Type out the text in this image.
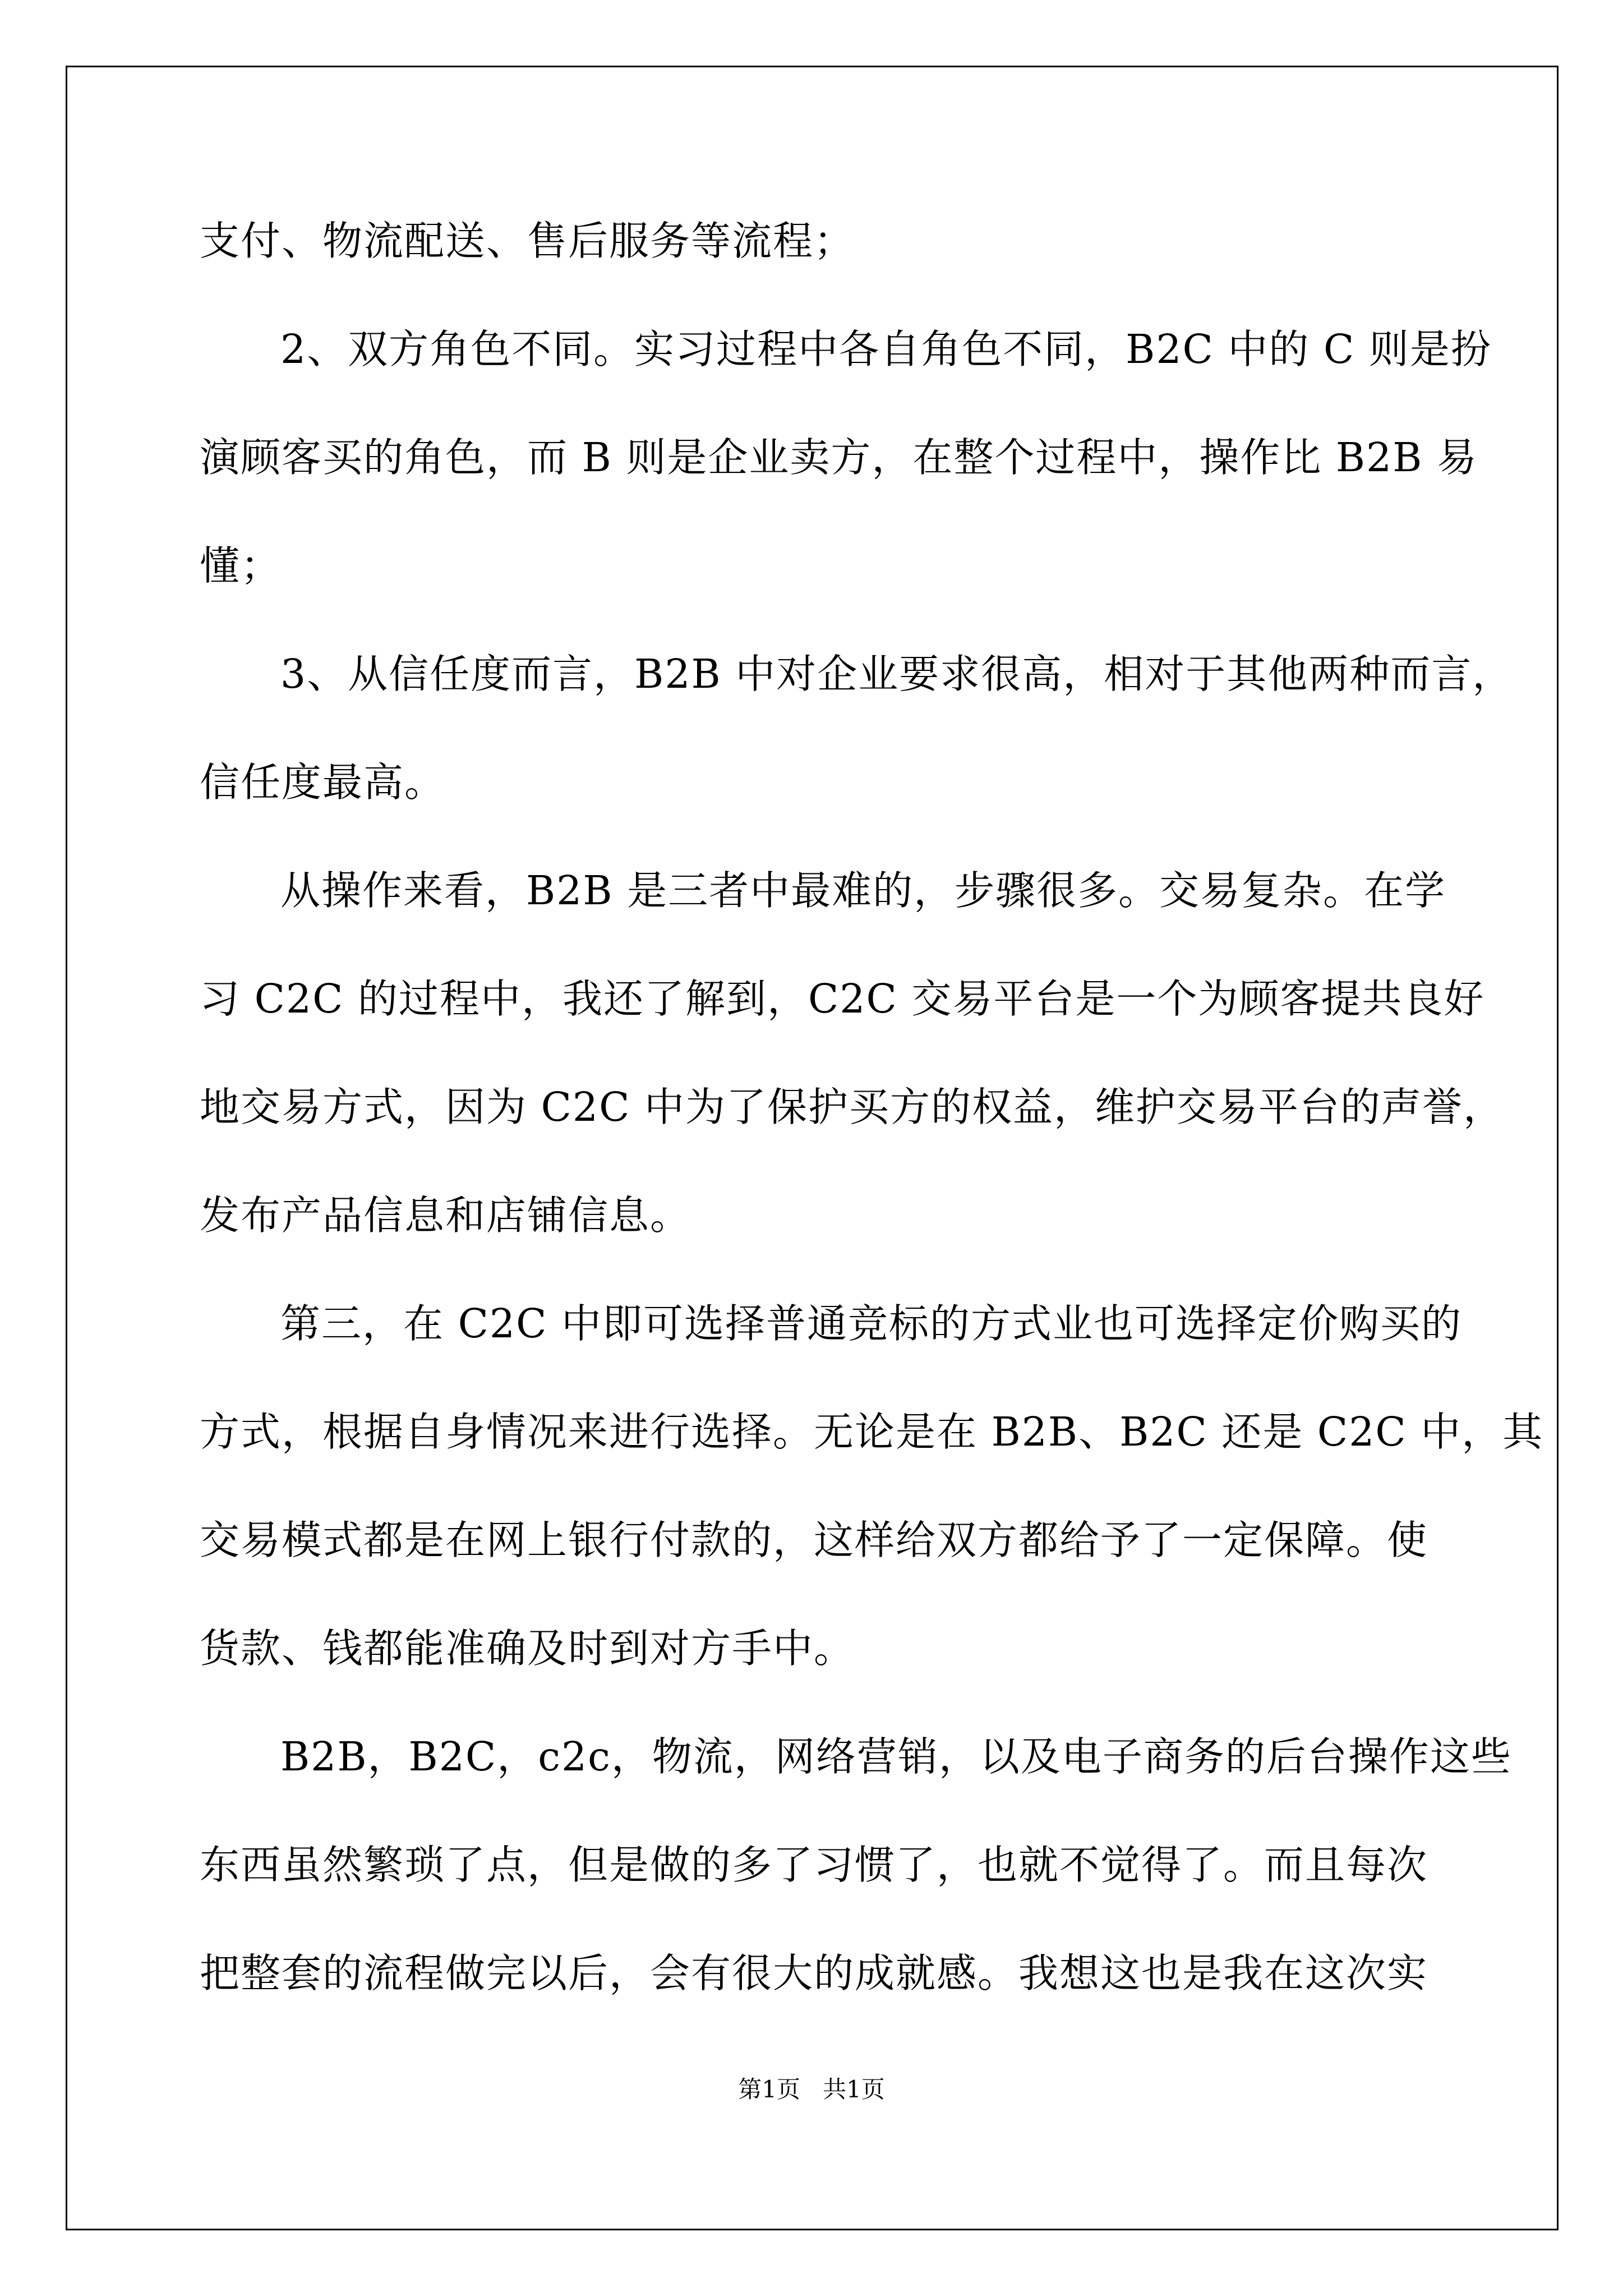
支付、物流配送、售后服务等流程；
2、双方角色不同。实习过程中各自角色不同，B2C 中的 C 则是扮
演顾客买的角色，而 B 则是企业卖方，在整个过程中，操作比 B2B 易
懂；
3、从信任度而言，B2B 中对企业要求很高，相对于其他两种而言，
信任度最高。
从操作来看，B2B 是三者中最难的，步骤很多。交易复杂。在学
习 C2C 的过程中，我还了解到，C2C 交易平台是一个为顾客提共良好
地交易方式，因为 C2C 中为了保护买方的权益，维护交易平台的声誉，
发布产品信息和店铺信息。
第三，在 C2C 中即可选择普通竞标的方式业也可选择定价购买的
方式，根据自身情况来进行选择。无论是在 B2B、B2C 还是 C2C 中，其
交易模式都是在网上银行付款的，这样给双方都给予了一定保障。使
货款、钱都能准确及时到对方手中。
B2B，B2C，c2c，物流，网络营销，以及电子商务的后台操作这些
东西虽然繁琐了点，但是做的多了习惯了，也就不觉得了。而且每次
把整套的流程做完以后，会有很大的成就感。我想这也是我在这次实
第1页   共1页
